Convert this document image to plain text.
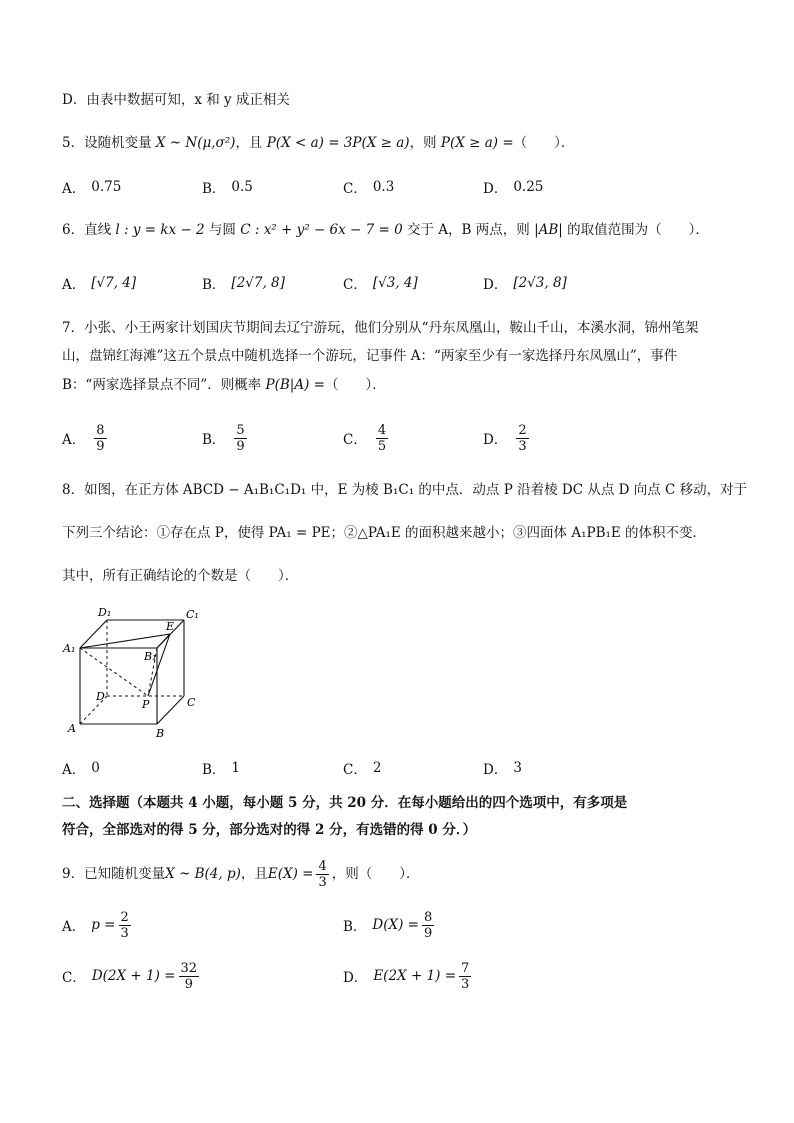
D．由表中数据可知，x 和 y 成正相关
5．设随机变量 X ~ N(μ,σ²)，且 P(X < a) = 3P(X ≥ a)，则 P(X ≥ a) =（　　）．
A． 0.75	B． 0.5	C． 0.3	D． 0.25
6．直线 l : y = kx − 2 与圆 C : x² + y² − 6x − 7 = 0 交于 A，B 两点，则 |AB| 的取值范围为（　　）．
A． [√7, 4]	B． [2√7, 8]	C． [√3, 4]	D． [2√3, 8]
7．小张、小王两家计划国庆节期间去辽宁游玩，他们分别从“丹东凤凰山，鞍山千山，本溪水洞，锦州笔架
山，盘锦红海滩”这五个景点中随机选择一个游玩，记事件 A：“两家至少有一家选择丹东凤凰山”，事件
B：“两家选择景点不同”．则概率 P(B|A) =（　　）．
A． $\frac{8}{9}$	B． $\frac{5}{9}$	C． $\frac{4}{5}$	D． $\frac{2}{3}$
8．如图，在正方体 ABCD − A₁B₁C₁D₁ 中，E 为棱 B₁C₁ 的中点．动点 P 沿着棱 DC 从点 D 向点 C 移动，对于
下列三个结论：①存在点 P，使得 PA₁ = PE；②△PA₁E 的面积越来越小；③四面体 A₁PB₁E 的体积不变．
其中，所有正确结论的个数是（　　）．
D₁	C₁
E
A₁
B₁
D
P	C
A	B
A． 0	B． 1	C． 2	D． 3
二、选择题（本题共 4 小题，每小题 5 分，共 20 分．在每小题给出的四个选项中，有多项是
符合，全部选对的得 5 分，部分选对的得 2 分，有选错的得 0 分．）
9．已知随机变量 X ~ B(4, p) ，且 $E(X) = \frac{4}{3}$ ，则（　　）．
A． $p = \frac{2}{3}$	B． $D(X) = \frac{8}{9}$
C． $D(2X + 1) = \frac{32}{9}$	D． $E(2X + 1) = \frac{7}{3}$
